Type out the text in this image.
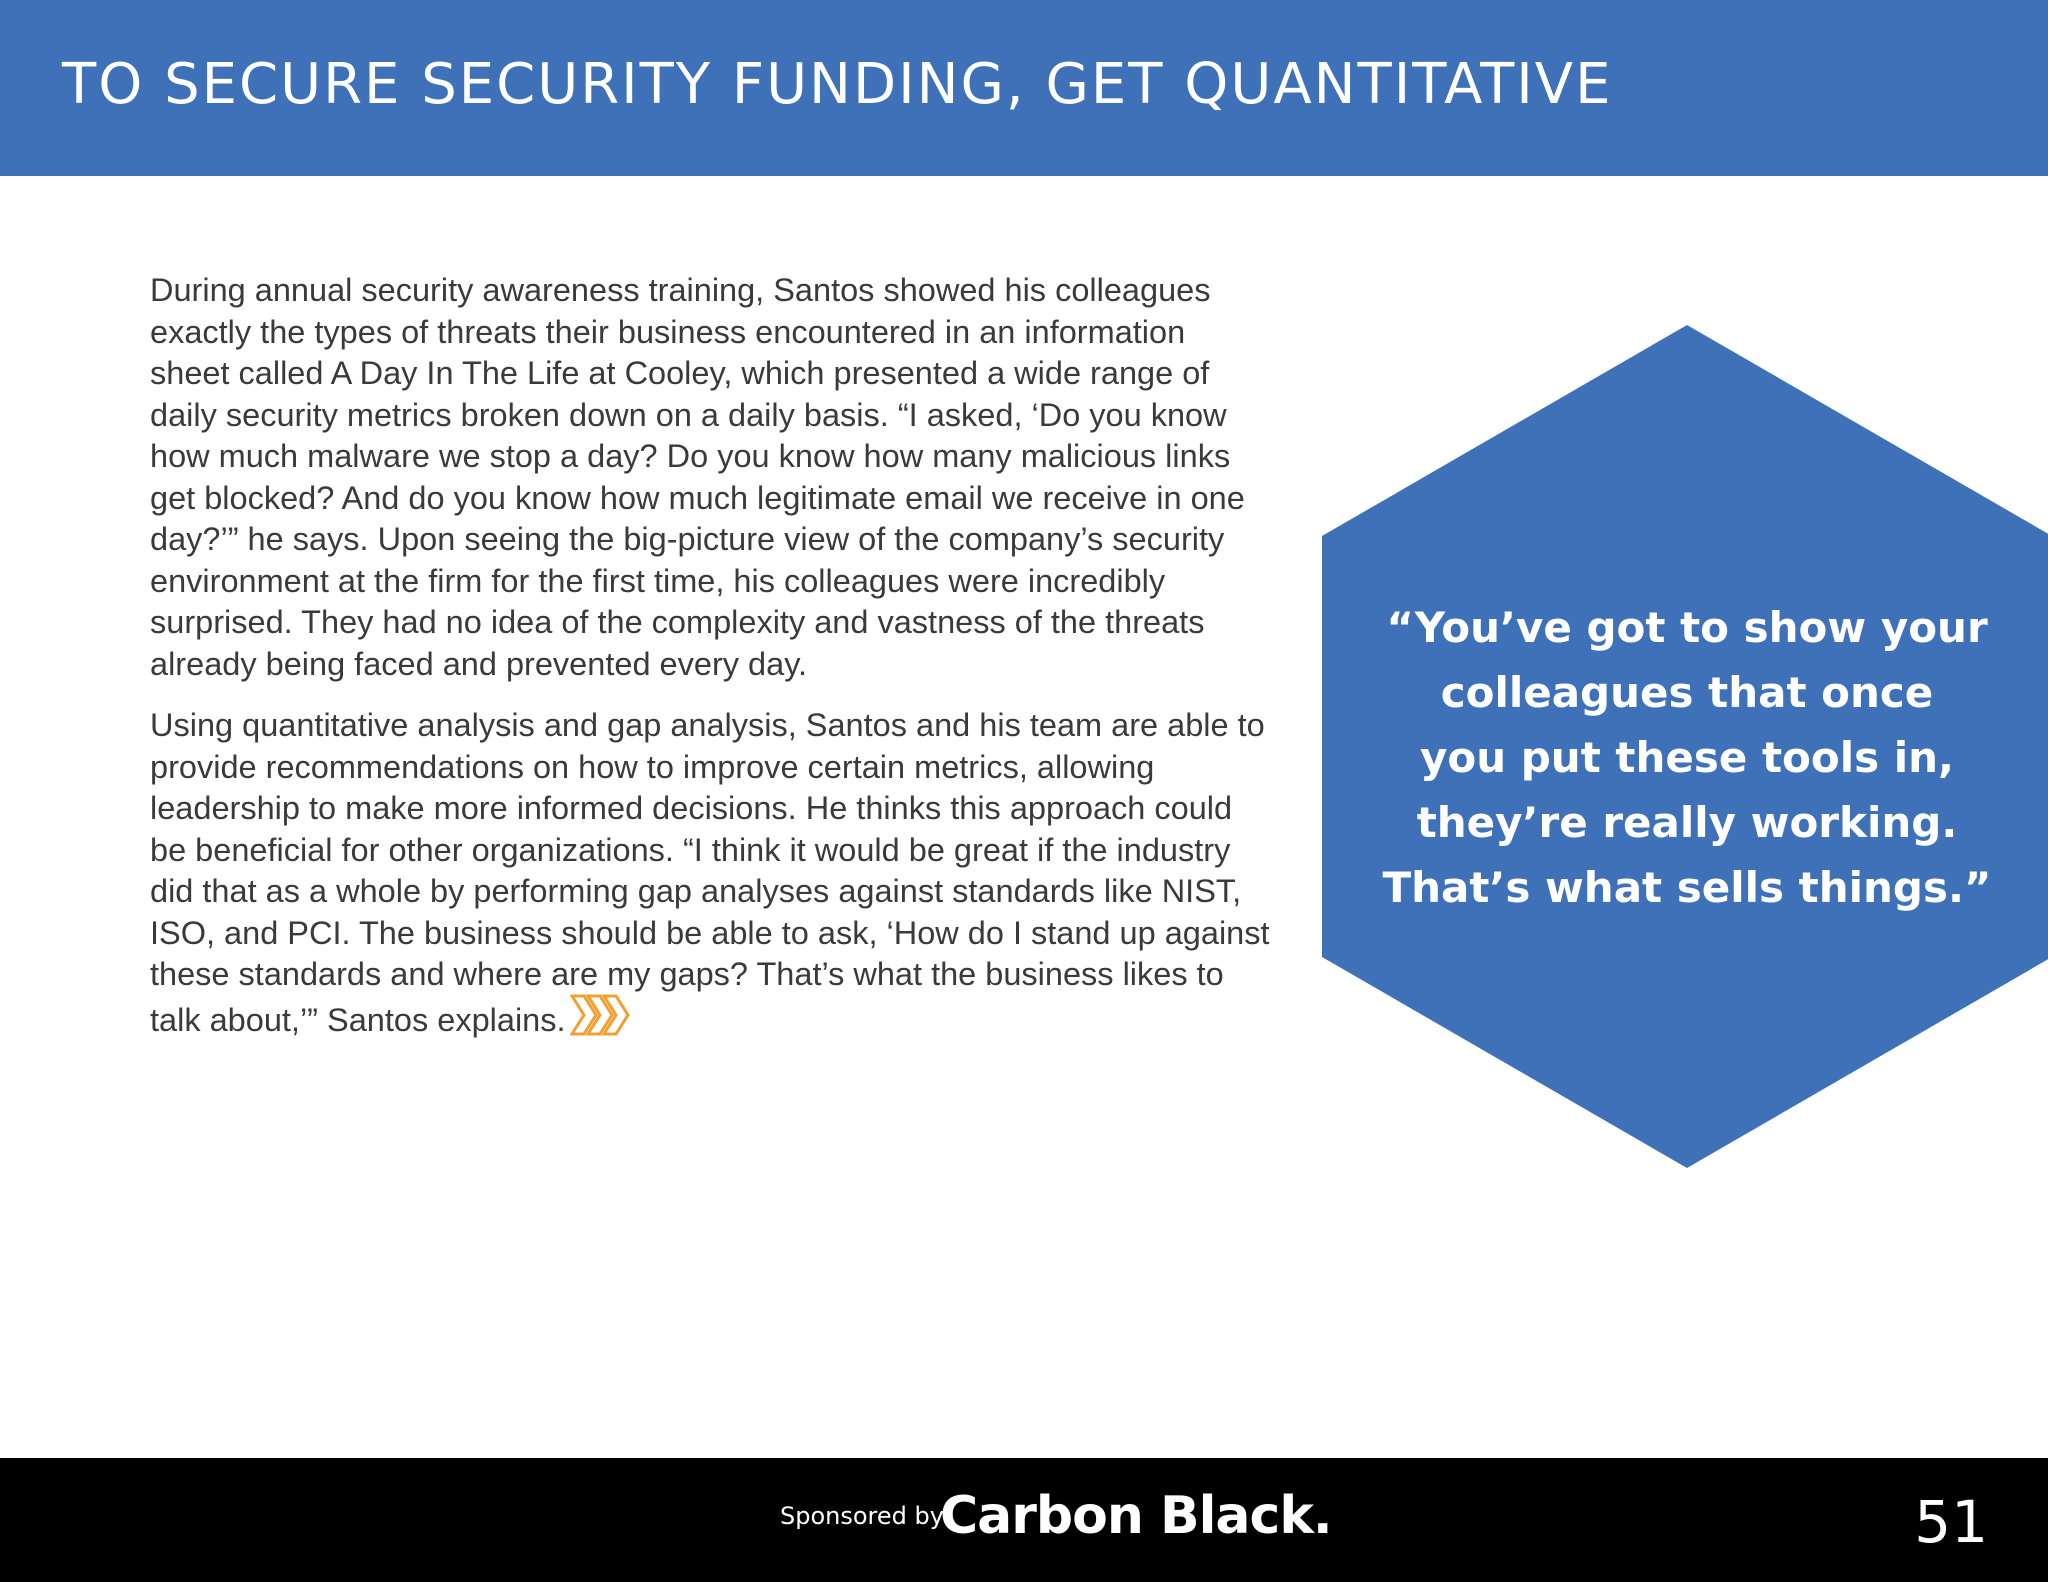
TO SECURE SECURITY FUNDING, GET QUANTITATIVE

During annual security awareness training, Santos showed his colleagues exactly the types of threats their business encountered in an information sheet called A Day In The Life at Cooley, which presented a wide range of daily security metrics broken down on a daily basis. “I asked, ‘Do you know how much malware we stop a day? Do you know how many malicious links get blocked? And do you know how much legitimate email we receive in one day?’” he says. Upon seeing the big-picture view of the company’s security environment at the firm for the first time, his colleagues were incredibly surprised. They had no idea of the complexity and vastness of the threats already being faced and prevented every day.

Using quantitative analysis and gap analysis, Santos and his team are able to provide recommendations on how to improve certain metrics, allowing leadership to make more informed decisions. He thinks this approach could be beneficial for other organizations. “I think it would be great if the industry did that as a whole by performing gap analyses against standards like NIST, ISO, and PCI. The business should be able to ask, ‘How do I stand up against these standards and where are my gaps? That’s what the business likes to talk about,’” Santos explains.

“You’ve got to show your
colleagues that once
you put these tools in,
they’re really working.
That’s what sells things.”

Sponsored by
Carbon Black.	51
